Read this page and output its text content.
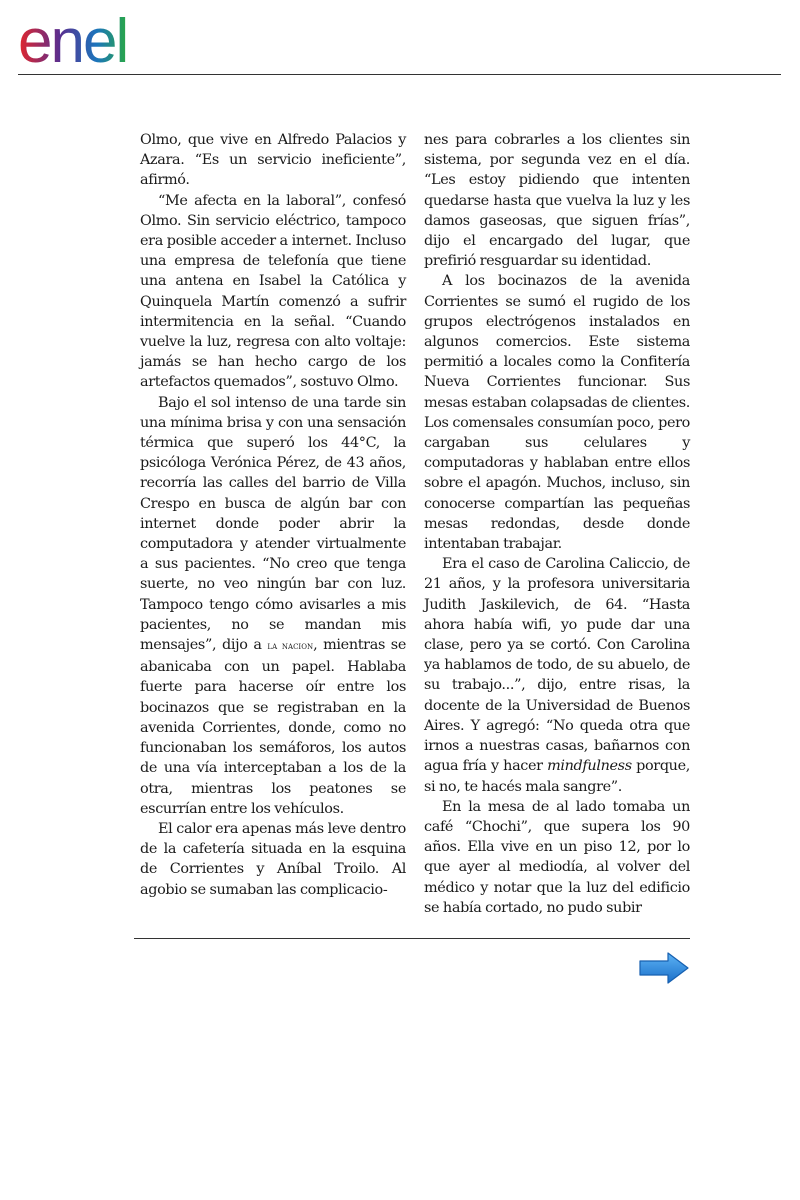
enel

Olmo, que vive en Alfredo Palacios y Azara. “Es un servicio ineficiente”, afirmó.

“Me afecta en la laboral”, confesó Olmo. Sin servicio eléctrico, tampoco era posible acceder a internet. Incluso una empresa de telefonía que tiene una antena en Isabel la Católica y Quinquela Martín comenzó a sufrir intermitencia en la señal. “Cuando vuelve la luz, regresa con alto voltaje: jamás se han hecho cargo de los artefactos quemados”, sostuvo Olmo.

Bajo el sol intenso de una tarde sin una mínima brisa y con una sensación térmica que superó los 44°C, la psicóloga Verónica Pérez, de 43 años, recorría las calles del barrio de Villa Crespo en busca de algún bar con internet donde poder abrir la computadora y atender virtualmente a sus pacientes. “No creo que tenga suerte, no veo ningún bar con luz. Tampoco tengo cómo avisarles a mis pacientes, no se mandan mis mensajes”, dijo a la nacion, mientras se abanicaba con un papel. Hablaba fuerte para hacerse oír entre los bocinazos que se registraban en la avenida Corrientes, donde, como no funcionaban los semáforos, los autos de una vía interceptaban a los de la otra, mientras los peatones se escurrían entre los vehículos.

El calor era apenas más leve dentro de la cafetería situada en la esquina de Corrientes y Aníbal Troilo. Al agobio se sumaban las complicacio-

nes para cobrarles a los clientes sin sistema, por segunda vez en el día. “Les estoy pidiendo que intenten quedarse hasta que vuelva la luz y les damos gaseosas, que siguen frías”, dijo el encargado del lugar, que prefirió resguardar su identidad.

A los bocinazos de la avenida Corrientes se sumó el rugido de los grupos electrógenos instalados en algunos comercios. Este sistema permitió a locales como la Confitería Nueva Corrientes funcionar. Sus mesas estaban colapsadas de clientes. Los comensales consumían poco, pero cargaban sus celulares y computadoras y hablaban entre ellos sobre el apagón. Muchos, incluso, sin conocerse compartían las pequeñas mesas redondas, desde donde intentaban trabajar.

Era el caso de Carolina Caliccio, de 21 años, y la profesora universitaria Judith Jaskilevich, de 64. “Hasta ahora había wifi, yo pude dar una clase, pero ya se cortó. Con Carolina ya hablamos de todo, de su abuelo, de su trabajo...”, dijo, entre risas, la docente de la Universidad de Buenos Aires. Y agregó: “No queda otra que irnos a nuestras casas, bañarnos con agua fría y hacer mindfulness porque, si no, te hacés mala sangre”.

En la mesa de al lado tomaba un café “Chochi”, que supera los 90 años. Ella vive en un piso 12, por lo que ayer al mediodía, al volver del médico y notar que la luz del edificio se había cortado, no pudo subir
